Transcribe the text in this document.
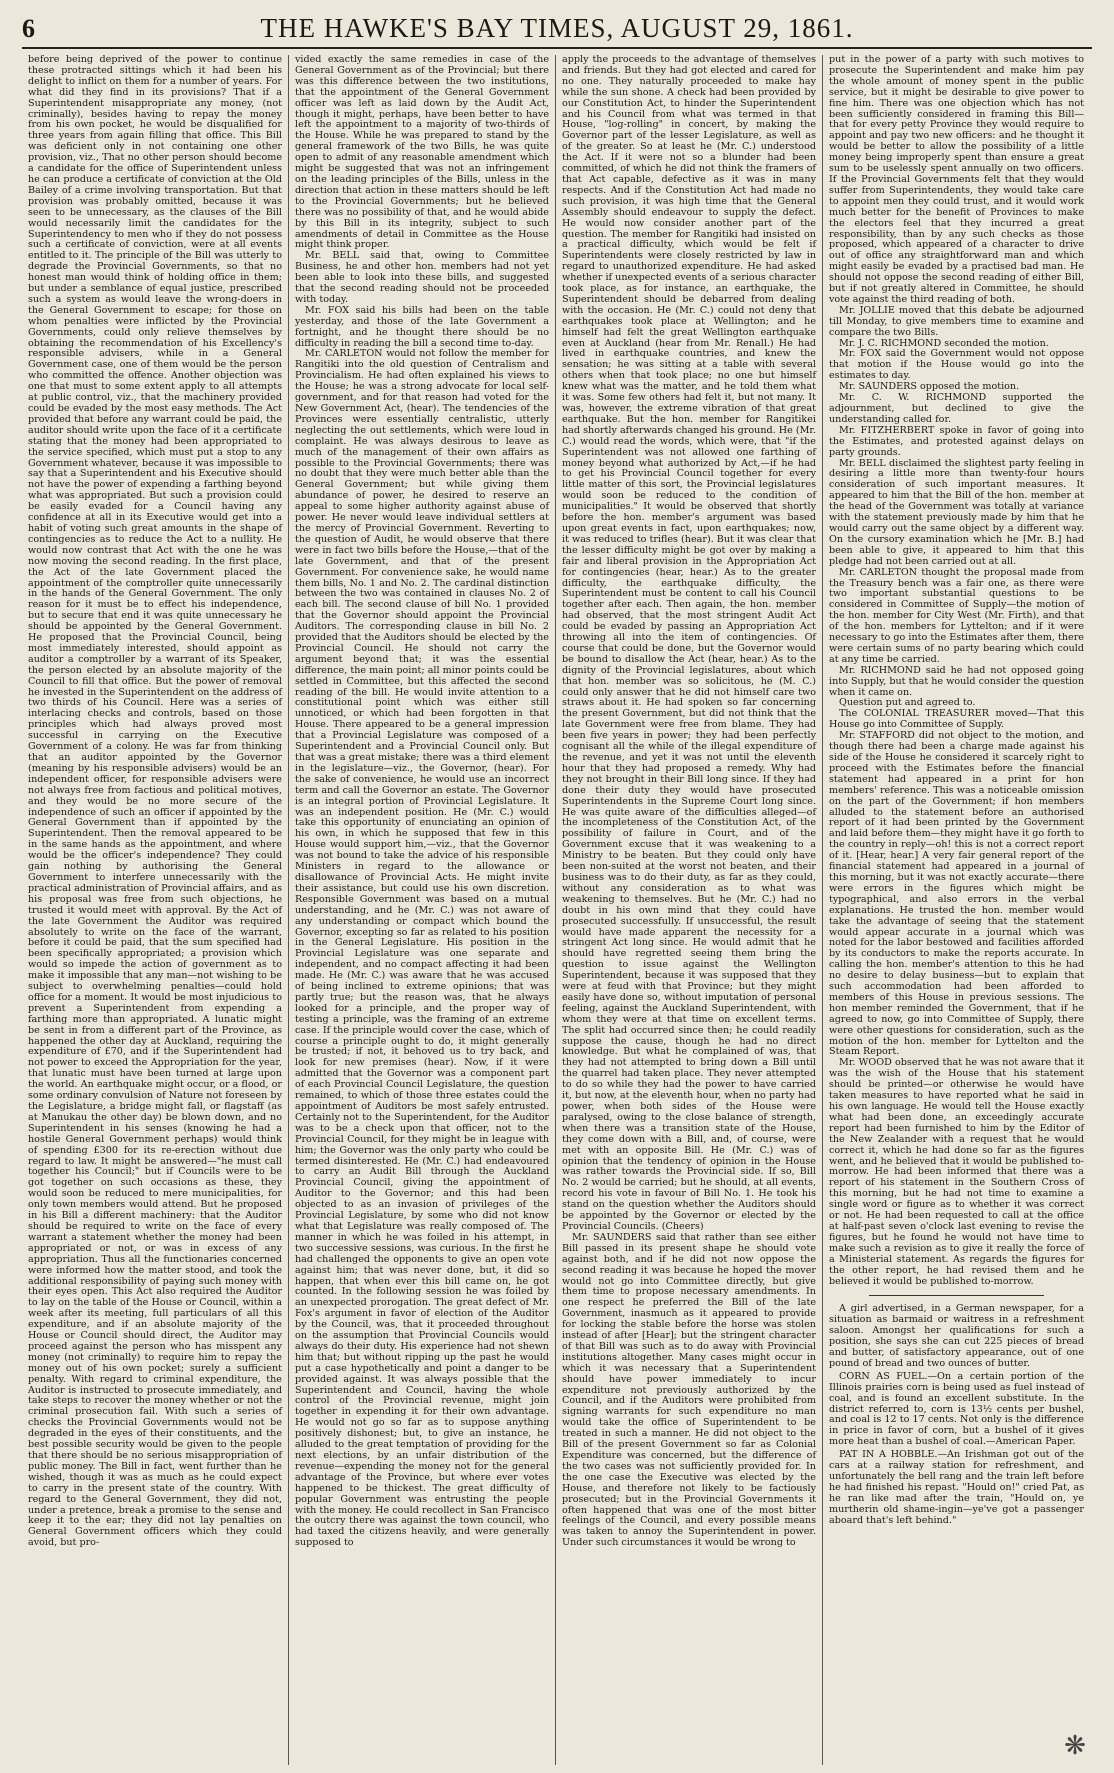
6	THE HAWKE'S BAY TIMES, AUGUST 29, 1861.

before being deprived of the power to continue these protracted sittings which it had been his delight to inflict on them for a number of years. For what did they find in its provisions? That if a Superintendent misappropriate any money, (not criminally), besides having to repay the money from his own pocket, he would be disqualified for three years from again filling that office. This Bill was deficient only in not containing one other provision, viz., That no other person should become a candidate for the office of Superintendent unless he can produce a certificate of conviction at the Old Bailey of a crime involving transportation. But that provision was probably omitted, because it was seen to be unnecessary, as the clauses of the Bill would necessarily limit the candidates for the Superintendency to men who if they do not possess such a certificate of conviction, were at all events entitled to it. The principle of the Bill was utterly to degrade the Provincial Governments, so that no honest man would think of holding office in them; but under a semblance of equal justice, prescribed such a system as would leave the wrong-doers in the General Government to escape; for those on whom penalties were inflicted by the Provincial Governments, could only relieve themselves by obtaining the recommendation of his Excellency's responsible advisers, while in a General Government case, one of them would be the person who committed the offence. Another objection was one that must to some extent apply to all attempts at public control, viz., that the machinery provided could be evaded by the most easy methods. The Act provided that before any warrant could be paid, the auditor should write upon the face of it a certificate stating that the money had been appropriated to the service specified, which must put a stop to any Government whatever, because it was impossible to say that a Superintendent and his Executive should not have the power of expending a farthing beyond what was appropriated. But such a provision could be easily evaded for a Council having any confidence at all in its Executive would get into a habit of voting such great amounts in the shape of contingencies as to reduce the Act to a nullity. He would now contrast that Act with the one he was now moving the second reading. In the first place, the Act of the late Government placed the appointment of the comptroller quite unnecessarily in the hands of the General Government. The only reason for it must be to effect his independence, but to secure that end it was quite unnecessary he should be appointed by the General Government. He proposed that the Provincial Council, being most immediately interested, should appoint as auditor a comptroller by a warrant of its Speaker, the person elected by an absolute majority of the Council to fill that office. But the power of removal he invested in the Superintendent on the address of two thirds of his Council. Here was a series of interlacing checks and controls, based on those principles which had always proved most successful in carrying on the Executive Government of a colony. He was far from thinking that an auditor appointed by the Governor (meaning by his responsible advisers) would be an independent officer, for responsible advisers were not always free from factious and political motives, and they would be no more secure of the independence of such an officer if appointed by the General Government than if appointed by the Superintendent. Then the removal appeared to be in the same hands as the appointment, and where would be the officer's independence? They could gain nothing by authorising the General Government to interfere unnecessarily with the practical administration of Provincial affairs, and as his proposal was free from such objections, he trusted it would meet with approval. By the Act of the late Government the Auditor was required absolutely to write on the face of the warrant, before it could be paid, that the sum specified had been specifically appropriated; a provision which would so impede the action of government as to make it impossible that any man—not wishing to be subject to overwhelming penalties—could hold office for a moment. It would be most injudicious to prevent a Superintendent from expending a farthing more than appropriated. A lunatic might be sent in from a different part of the Province, as happened the other day at Auckland, requiring the expenditure of £70, and if the Superintendent had not power to exceed the Appropriation for the year, that lunatic must have been turned at large upon the world. An earthquake might occur, or a flood, or some ordinary convulsion of Nature not foreseen by the Legislature, a bridge might fall, or flagstaff (as at Manukau the other day) be blown down, and no Superintendent in his senses (knowing he had a hostile General Government perhaps) would think of spending £300 for its re-erection without due regard to law. It might be answered—"he must call together his Council;" but if Councils were to be got together on such occasions as these, they would soon be reduced to mere municipalities, for only town members would attend. But he proposed in his Bill a different machinery: that the Auditor should be required to write on the face of every warrant a statement whether the money had been appropriated or not, or was in excess of any appropriation. Thus all the functionaries concerned were informed how the matter stood, and took the additional responsibility of paying such money with their eyes open. This Act also required the Auditor to lay on the table of the House or Council, within a week after its meeting, full particulars of all this expenditure, and if an absolute majority of the House or Council should direct, the Auditor may proceed against the person who has misspent any money (not criminally) to require him to repay the money out of his own pocket; surely a sufficient penalty. With regard to criminal expenditure, the Auditor is instructed to prosecute immediately, and take steps to recover the money whether or not the criminal prosecution fail. With such a series of checks the Provincial Governments would not be degraded in the eyes of their constituents, and the best possible security would be given to the people that there should be no serious misappropriation of public money. The Bill in fact, went further than he wished, though it was as much as he could expect to carry in the present state of the country. With regard to the General Government, they did not, under a pretence, break a promise to the sense and keep it to the ear; they did not lay penalties on General Government officers which they could avoid, but pro-

vided exactly the same remedies in case of the General Government as of the Provincial; but there was this difference between the two institutions, that the appointment of the General Government officer was left as laid down by the Audit Act, though it might, perhaps, have been better to have left the appointment to a majority of two-thirds of the House. While he was prepared to stand by the general framework of the two Bills, he was quite open to admit of any reasonable amendment which might be suggested that was not an infringement on the leading principles of the Bills, unless in the direction that action in these matters should be left to the Provincial Governments; but he believed there was no possibility of that, and he would abide by this Bill in its integrity, subject to such amendments of detail in Committee as the House might think proper.

Mr. BELL said that, owing to Committee Business, he and other hon. members had not yet been able to look into these bills, and suggested that the second reading should not be proceeded with today.

Mr. FOX said his bills had been on the table yesterday, and those of the late Government a fortnight, and he thought there should be no difficulty in reading the bill a second time to-day.

Mr. CARLETON would not follow the member for Rangitiki into the old question of Centralism and Provincialism. He had often explained his views to the House; he was a strong advocate for local self-government, and for that reason had voted for the New Government Act, (hear). The tendencies of the Provinces were essentially centralistic, utterly neglecting the out settlements, which were loud in complaint. He was always desirous to leave as much of the management of their own affairs as possible to the Provincial Governments; there was no doubt that they were much better able than the General Government; but while giving them abundance of power, he desired to reserve an appeal to some higher authority against abuse of power. He never would leave individual settlers at the mercy of Provincial Government. Reverting to the question of Audit, he would observe that there were in fact two bills before the House,—that of the late Government, and that of the present Government. For convenience sake, he would name them bills, No. 1 and No. 2. The cardinal distinction between the two was contained in clauses No. 2 of each bill. The second clause of bill No. 1 provided that the Governor should appoint the Provincial Auditors. The corresponding clause in bill No. 2 provided that the Auditors should be elected by the Provincial Council. He should not carry the argument beyond that; it was the essential difference, the main point; all minor points could be settled in Committee, but this affected the second reading of the bill. He would invite attention to a constitutional point which was either still unnoticed, or which had been forgotten in that House. There appeared to be a general impression that a Provincial Legislature was composed of a Superintendent and a Provincial Council only. But that was a great mistake; there was a third element in the legislature—viz., the Governor, (hear). For the sake of convenience, he would use an incorrect term and call the Governor an estate. The Governor is an integral portion of Provincial Legislature. It was an independent position. He (Mr. C.) would take this opportunity of enunciating an opinion of his own, in which he supposed that few in this House would support him,—viz., that the Governor was not bound to take the advice of his responsible Ministers in regard to the allowance or disallowance of Provincial Acts. He might invite their assistance, but could use his own discretion. Responsible Government was based on a mutual understanding, and he (Mr. C.) was not aware of any understanding or compact which bound the Governor, excepting so far as related to his position in the General Legislature. His position in the Provincial Legislature was one separate and independent, and no compact affecting it had been made. He (Mr. C.) was aware that he was accused of being inclined to extreme opinions; that was partly true; but the reason was, that he always looked for a principle, and the proper way of testing a principle, was the framing of an extreme case. If the principle would cover the case, which of course a principle ought to do, it might generally be trusted; if not, it behoved us to try back, and look for new premises (hear). Now, if it were admitted that the Governor was a component part of each Provincial Council Legislature, the question remained, to which of those three estates could the appointment of Auditors be most safely entrusted. Certainly not to the Superintendent, for the Auditor was to be a check upon that officer, not to the Provincial Council, for they might be in league with him; the Governor was the only party who could be termed disinterested. He (Mr. C.) had endeavoured to carry an Audit Bill through the Auckland Provincial Council, giving the appointment of Auditor to the Governor; and this had been objected to as an invasion of privileges of the Provincial Legislature, by some who did not know what that Legislature was really composed of. The manner in which he was foiled in his attempt, in two successive sessions, was curious. In the first he had challenged the opponents to give an open vote against him; that was never done, but, it did so happen, that when ever this bill came on, he got counted. In the following session he was foiled by an unexpected prorogation. The great defect of Mr. Fox's argument in favor of election of the Auditor by the Council, was, that it proceeded throughout on the assumption that Provincial Councils would always do their duty. His experience had not shewn him that; but without ripping up the past he would put a case hypothetically and point a danger to be provided against. It was always possible that the Superintendent and Council, having the whole control of the Provincial revenue, might join together in expending it for their own advantage. He would not go so far as to suppose anything positively dishonest; but, to give an instance, he alluded to the great temptation of providing for the next elections, by an unfair distribution of the revenue—expending the money not for the general advantage of the Province, but where ever votes happened to be thickest. The great difficulty of popular Government was entrusting the people with the money. He could recollect in San Francisco the outcry there was against the town council, who had taxed the citizens heavily, and were generally supposed to

apply the proceeds to the advantage of themselves and friends. But they had got elected and cared for no one. They naturally proceeded to make hay while the sun shone. A check had been provided by our Constitution Act, to hinder the Superintendent and his Council from what was termed in that House, "log-rolling" in concert, by making the Governor part of the lesser Legislature, as well as of the greater. So at least he (Mr. C.) understood the Act. If it were not so a blunder had been committed, of which he did not think the framers of that Act capable, defective as it was in many respects. And if the Constitution Act had made no such provision, it was high time that the General Assembly should endeavour to supply the defect. He would now consider another part of the question. The member for Rangitiki had insisted on a practical difficulty, which would be felt if Superintendents were closely restricted by law in regard to unauthorized expenditure. He had asked whether if unexpected events of a serious character took place, as for instance, an earthquake, the Superintendent should be debarred from dealing with the occasion. He (Mr. C.) could not deny that earthquakes took place at Wellington; and he himself had felt the great Wellington earthquake even at Auckland (hear from Mr. Renall.) He had lived in earthquake countries, and knew the sensation; he was sitting at a table with several others when that took place; no one but himself knew what was the matter, and he told them what it was. Some few others had felt it, but not many. It was, however, the extreme vibration of that great earthquake. But the hon. member for Rangitikei had shortly afterwards changed his ground. He (Mr. C.) would read the words, which were, that "if the Superintendent was not allowed one farthing of money beyond what authorized by Act,—if he had to get his Provincial Council together for every little matter of this sort, the Provincial legislatures would soon be reduced to the condition of municipalities." It would be observed that shortly before the hon. member's argument was based upon great events in fact, upon earthquakes; now, it was reduced to trifles (hear). But it was clear that the lesser difficulty might be got over by making a fair and liberal provision in the Appropriation Act for contingencies (hear, hear.) As to the greater difficulty, the earthquake difficulty, the Superintendent must be content to call his Council together after each. Then again, the hon. member had observed, that the most stringent Audit Act could be evaded by passing an Appropriation Act throwing all into the item of contingencies. Of course that could be done, but the Governor would be bound to disallow the Act (hear, hear.) As to the dignity of the Provincial legislatures, about which that hon. member was so solicitous, he (M. C.) could only answer that he did not himself care two straws about it. He had spoken so far concerning the present Government, but did not think that the late Government were free from blame. They had been five years in power; they had been perfectly cognisant all the while of the illegal expenditure of the revenue, and yet it was not until the eleventh hour that they had proposed a remedy. Why had they not brought in their Bill long since. If they had done their duty they would have prosecuted Superintendents in the Supreme Court long since. He was quite aware of the difficulties alleged—of the incompleteness of the Constitution Act, of the possibility of failure in Court, and of the Government excuse that it was weakening to a Ministry to be beaten. But they could only have been non-suited at the worst not beaten, and their business was to do their duty, as far as they could, without any consideration as to what was weakening to themselves. But he (Mr. C.) had no doubt in his own mind that they could have prosecuted successfully. If unsuccessful, the result would have made apparent the necessity for a stringent Act long since. He would admit that he should have regretted seeing them bring the question to issue against the Wellington Superintendent, because it was supposed that they were at feud with that Province; but they might easily have done so, without imputation of personal feeling, against the Auckland Superintendent, with whom they were at that time on excellent terms. The split had occurred since then; he could readily suppose the cause, though he had no direct knowledge. But what he complained of was, that they had not attempted to bring down a Bill until the quarrel had taken place. They never attempted to do so while they had the power to have carried it, but now, at the eleventh hour, when no party had power, when both sides of the House were paralysed, owing to the close balance of strength, when there was a transition state of the House, they come down with a Bill, and, of course, were met with an opposite Bill. He (Mr. C.) was of opinion that the tendency of opinion in the House was rather towards the Provincial side. If so, Bill No. 2 would be carried; but he should, at all events, record his vote in favour of Bill No. 1. He took his stand on the question whether the Auditors should be appointed by the Governor or elected by the Provincial Councils. (Cheers)

Mr. SAUNDERS said that rather than see either Bill passed in its present shape he should vote against both, and if he did not now oppose the second reading it was because he hoped the mover would not go into Committee directly, but give them time to propose necessary amendments. In one respect he preferred the Bill of the late Government, inasmuch as it appeared to provide for locking the stable before the horse was stolen instead of after [Hear]; but the stringent character of that Bill was such as to do away with Provincial institutions altogether. Many cases might occur in which it was necessary that a Superintendent should have power immediately to incur expenditure not previously authorized by the Council, and if the Auditors were prohibited from signing warrants for such expenditure no man would take the office of Superintendent to be treated in such a manner. He did not object to the Bill of the present Government so far as Colonial Expenditure was concerned, but the difference of the two cases was not sufficiently provided for. In the one case the Executive was elected by the House, and therefore not likely to be factiously prosecuted; but in the Provincial Governments it often happened that was one of the most bitter feelings of the Council, and every possible means was taken to annoy the Superintendent in power. Under such circumstances it would be wrong to

put in the power of a party with such motives to prosecute the Superintendent and make him pay the whole amount of money spent in the public service, but it might be desirable to give power to fine him. There was one objection which has not been sufficiently considered in framing this Bill—that for every petty Province they would require to appoint and pay two new officers: and he thought it would be better to allow the possibility of a little money being improperly spent than ensure a great sum to be uselessly spent annually on two officers. If the Provincial Governments felt that they would suffer from Superintendents, they would take care to appoint men they could trust, and it would work much better for the benefit of Provinces to make the electors feel that they incurred a great responsibility, than by any such checks as those proposed, which appeared of a character to drive out of office any straightforward man and which might easily be evaded by a practised bad man. He should not oppose the second reading of either Bill, but if not greatly altered in Committee, he should vote against the third reading of both.

Mr. JOLLIE moved that this debate be adjourned till Monday, to give members time to examine and compare the two Bills.

Mr. J. C. RICHMOND seconded the motion.

Mr. FOX said the Government would not oppose that motion if the House would go into the estimates to day.

Mr. SAUNDERS opposed the motion.

Mr. C. W. RICHMOND supported the adjournment, but declined to give the understanding called for.

Mr. FITZHERBERT spoke in favor of going into the Estimates, and protested against delays on party grounds.

Mr. BELL disclaimed the slightest party feeling in desiring a little more than twenty-four hours consideration of such important measures. It appeared to him that the Bill of the hon. member at the head of the Government was totally at variance with the statement previously made by him that he would carry out the same object by a different way. On the cursory examination which he [Mr. B.] had been able to give, it appeared to him that this pledge had not been carried out at all.

Mr. CARLETON thought the proposal made from the Treasury bench was a fair one, as there were two important substantial questions to be considered in Committee of Supply—the motion of the hon. member for City West (Mr. Firth), and that of the hon. members for Lyttelton; and if it were necessary to go into the Estimates after them, there were certain sums of no party bearing which could at any time be carried.

Mr. RICHMOND said he had not opposed going into Supply, but that he would consider the question when it came on.

Question put and agreed to.

The COLONIAL TREASURER moved—That this House go into Committee of Supply.

Mr. STAFFORD did not object to the motion, and though there had been a charge made against his side of the House he considered it scarcely right to proceed with the Estimates before the financial statement had appeared in a print for hon members' reference. This was a noticeable omission on the part of the Government; if hon members alluded to the statement before an authorised report of it had been printed by the Government and laid before them—they might have it go forth to the country in reply—oh! this is not a correct report of it. [Hear, hear.] A very fair general report of the financial statement had appeared in a journal of this morning, but it was not exactly accurate—there were errors in the figures which might be typographical, and also errors in the verbal explanations. He trusted the hon. member would take the advantage of seeing that the statement would appear accurate in a journal which was noted for the labor bestowed and facilities afforded by its conductors to make the reports accurate. In calling the hon. member's attention to this he had no desire to delay business—but to explain that such accommodation had been afforded to members of this House in previous sessions. The hon member reminded the Government, that if he agreed to now, go into Committee of Supply, there were other questions for consideration, such as the motion of the hon. member for Lyttelton and the Steam Report.

Mr. WOOD observed that he was not aware that it was the wish of the House that his statement should be printed—or otherwise he would have taken measures to have reported what he said in his own language. He would tell the House exactly what had been done, an exceedingly accurate report had been furnished to him by the Editor of the New Zealander with a request that he would correct it, which he had done so far as the figures went, and he believed that it would be published to-morrow. He had been informed that there was a report of his statement in the Southern Cross of this morning, but he had not time to examine a single word or figure as to whether it was correct or not. He had been requested to call at the office at half-past seven o'clock last evening to revise the figures, but he found he would not have time to make such a revision as to give it really the force of a Ministerial statement. As regards the figures for the other report, he had revised them and he believed it would be published to-morrow.

A girl advertised, in a German newspaper, for a situation as barmaid or waitress in a refreshment saloon. Amongst her qualifications for such a position, she says she can cut 225 pieces of bread and butter, of satisfactory appearance, out of one pound of bread and two ounces of butter.

CORN AS FUEL.—On a certain portion of the Illinois prairies corn is being used as fuel instead of coal, and is found an excellent substitute. In the district referred to, corn is 13½ cents per bushel, and coal is 12 to 17 cents. Not only is the difference in price in favor of corn, but a bushel of it gives more heat than a bushel of coal.—American Paper.

PAT IN A HOBBLE.—An Irishman got out of the cars at a railway station for refreshment, and unfortunately the bell rang and the train left before he had finished his repast. "Hould on!" cried Pat, as he ran like mad after the train, "Hould on, ye murtherin old shame-ingin—ye've got a passenger aboard that's left behind."

❋
